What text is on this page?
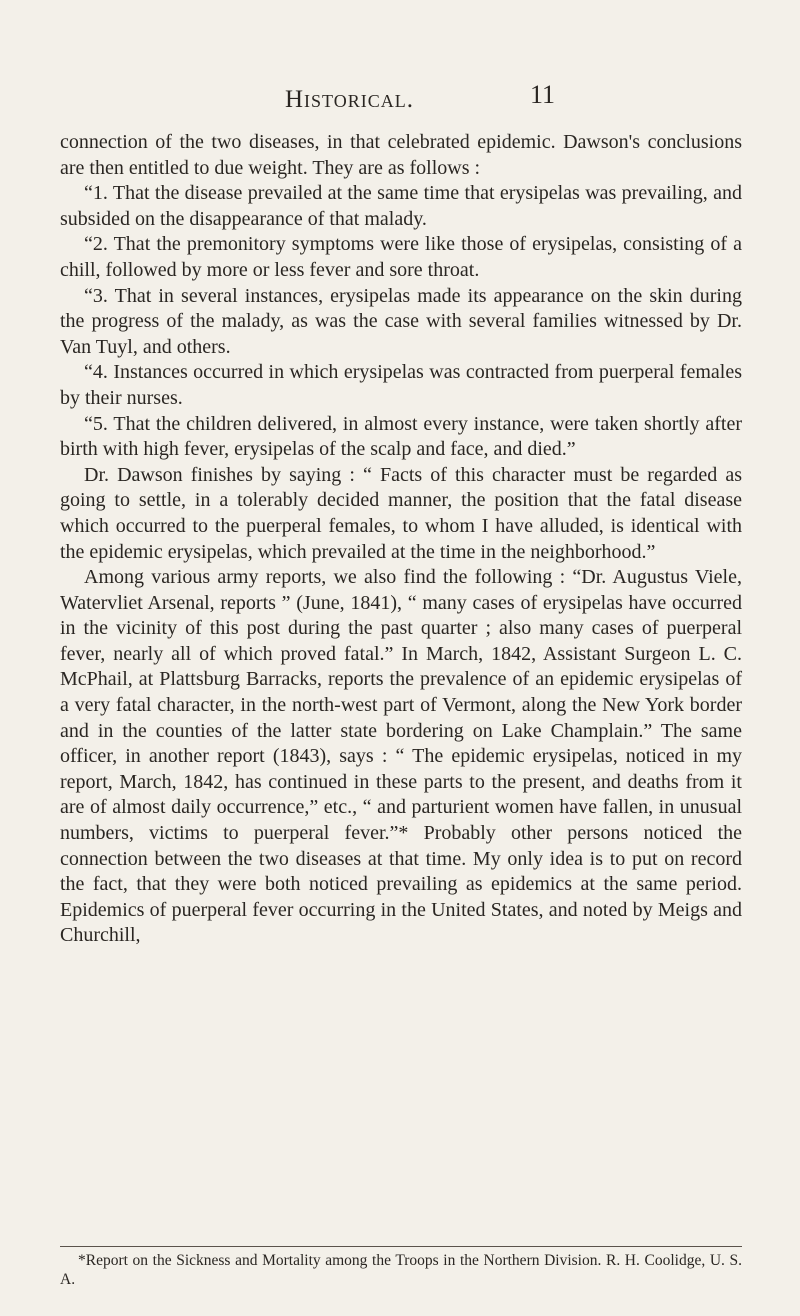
Historical.	11

connection of the two diseases, in that celebrated epidemic. Dawson's conclusions are then entitled to due weight. They are as follows :

“1. That the disease prevailed at the same time that erysipelas was prevailing, and subsided on the disappearance of that malady.

“2. That the premonitory symptoms were like those of erysipelas, consisting of a chill, followed by more or less fever and sore throat.

“3. That in several instances, erysipelas made its appearance on the skin during the progress of the malady, as was the case with several families witnessed by Dr. Van Tuyl, and others.

“4. Instances occurred in which erysipelas was contracted from puerperal females by their nurses.

“5. That the children delivered, in almost every instance, were taken shortly after birth with high fever, erysipelas of the scalp and face, and died.”

Dr. Dawson finishes by saying : “ Facts of this character must be regarded as going to settle, in a tolerably decided manner, the position that the fatal disease which occurred to the puerperal females, to whom I have alluded, is identical with the epidemic erysipelas, which prevailed at the time in the neighborhood.”

Among various army reports, we also find the following : “Dr. Augustus Viele, Watervliet Arsenal, reports ” (June, 1841), “ many cases of erysipelas have occurred in the vicinity of this post during the past quarter ; also many cases of puerperal fever, nearly all of which proved fatal.” In March, 1842, Assistant Surgeon L. C. McPhail, at Plattsburg Barracks, reports the prevalence of an epidemic erysipelas of a very fatal character, in the north-west part of Vermont, along the New York border and in the counties of the latter state bordering on Lake Champlain.” The same officer, in another report (1843), says : “ The epidemic erysipelas, noticed in my report, March, 1842, has continued in these parts to the present, and deaths from it are of almost daily occurrence,” etc., “ and parturient women have fallen, in unusual numbers, victims to puerperal fever.”* Probably other persons noticed the connection between the two diseases at that time. My only idea is to put on record the fact, that they were both noticed prevailing as epidemics at the same period. Epidemics of puerperal fever occurring in the United States, and noted by Meigs and Churchill,

*Report on the Sickness and Mortality among the Troops in the Northern Division. R. H. Coolidge, U. S. A.
